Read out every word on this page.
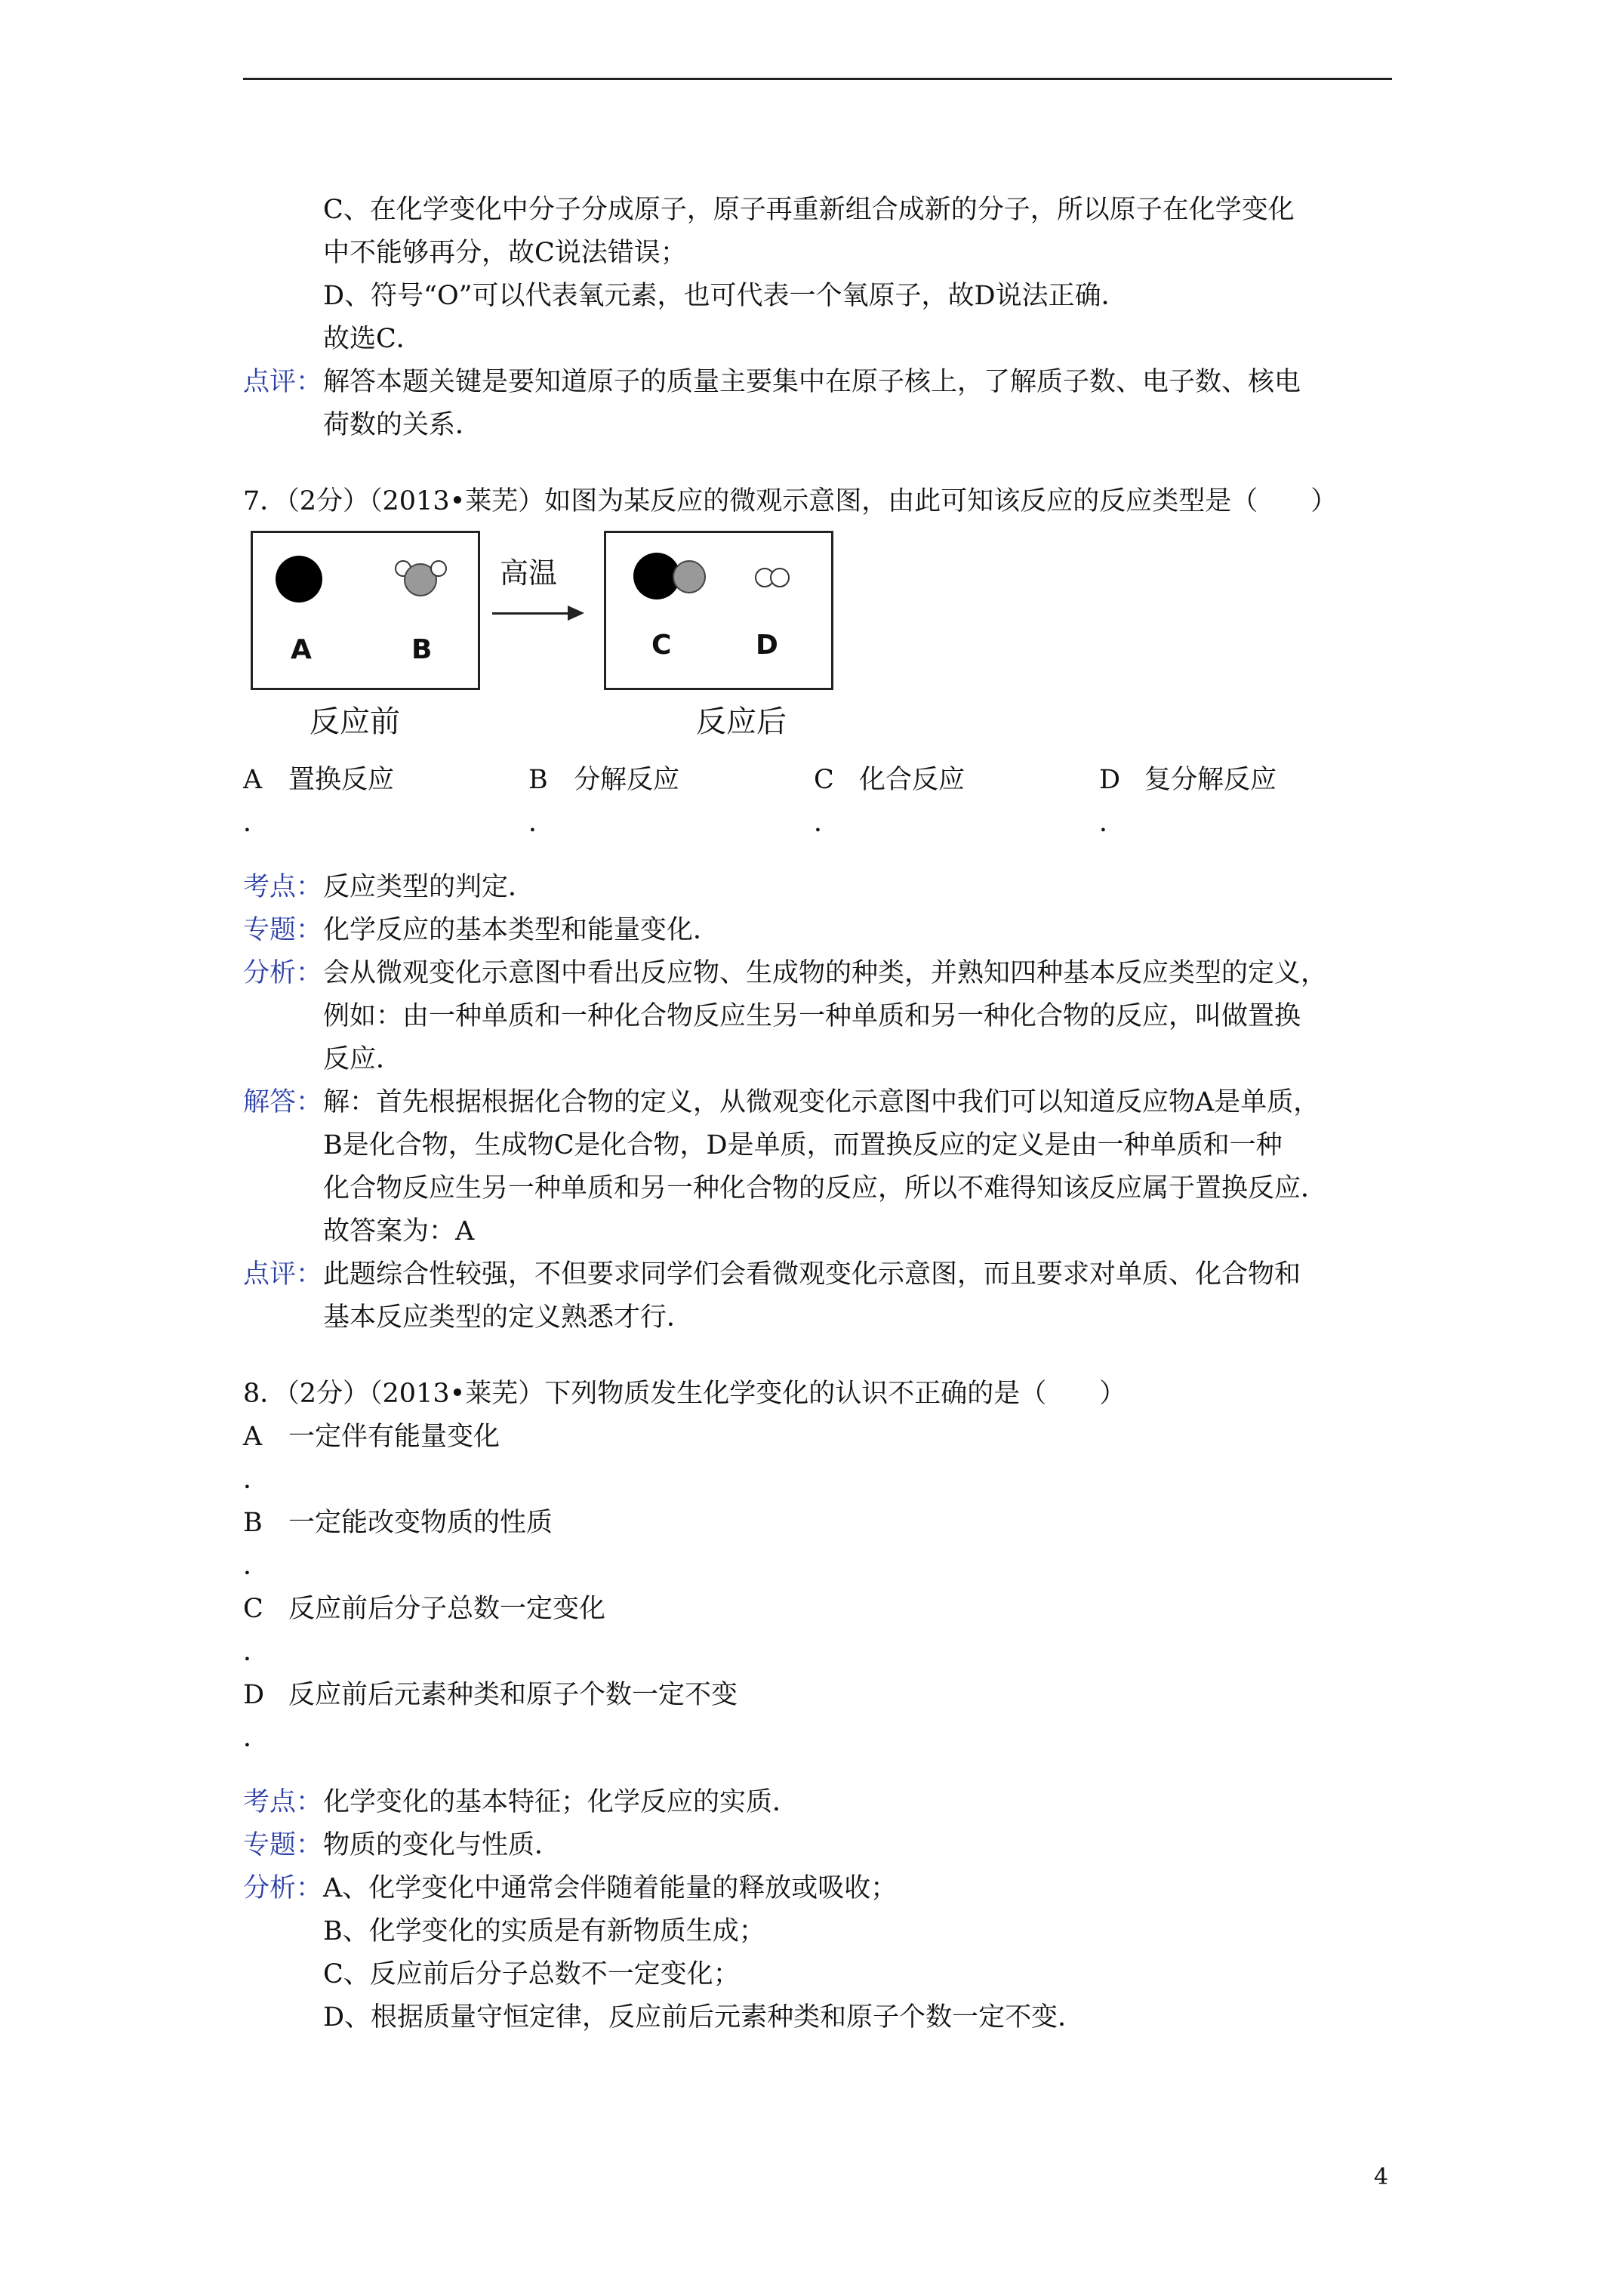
C、在化学变化中分子分成原子，原子再重新组合成新的分子，所以原子在化学变化

中不能够再分，故C说法错误；

D、符号“O”可以代表氧元素，也可代表一个氧原子，故D说法正确．

故选C．

点评： 解答本题关键是要知道原子的质量主要集中在原子核上，了解质子数、电子数、核电
荷数的关系．

7．（2分）（2013•莱芜）如图为某反应的微观示意图，由此可知该反应的反应类型是（　　）

A	B
高温
C	D
反应前	反应后
A 置换反应
．
B 分解反应
．
C 化合反应
．
D 复分解反应
．
考点： 反应类型的判定．
专题： 化学反应的基本类型和能量变化．
分析： 会从微观变化示意图中看出反应物、生成物的种类，并熟知四种基本反应类型的定义，
例如：由一种单质和一种化合物反应生另一种单质和另一种化合物的反应，叫做置换
反应．
解答： 解：首先根据根据化合物的定义，从微观变化示意图中我们可以知道反应物A是单质，
B是化合物，生成物C是化合物，D是单质，而置换反应的定义是由一种单质和一种
化合物反应生另一种单质和另一种化合物的反应，所以不难得知该反应属于置换反应．
故答案为：A
点评： 此题综合性较强，不但要求同学们会看微观变化示意图，而且要求对单质、化合物和
基本反应类型的定义熟悉才行．

8．（2分）（2013•莱芜）下列物质发生化学变化的认识不正确的是（　　）

A 一定伴有能量变化
．
B 一定能改变物质的性质
．
C 反应前后分子总数一定变化
．
D 反应前后元素种类和原子个数一定不变
．
考点： 化学变化的基本特征；化学反应的实质．
专题： 物质的变化与性质．
分析： A、化学变化中通常会伴随着能量的释放或吸收；
B、化学变化的实质是有新物质生成；
C、反应前后分子总数不一定变化；
D、根据质量守恒定律，反应前后元素种类和原子个数一定不变．
4
